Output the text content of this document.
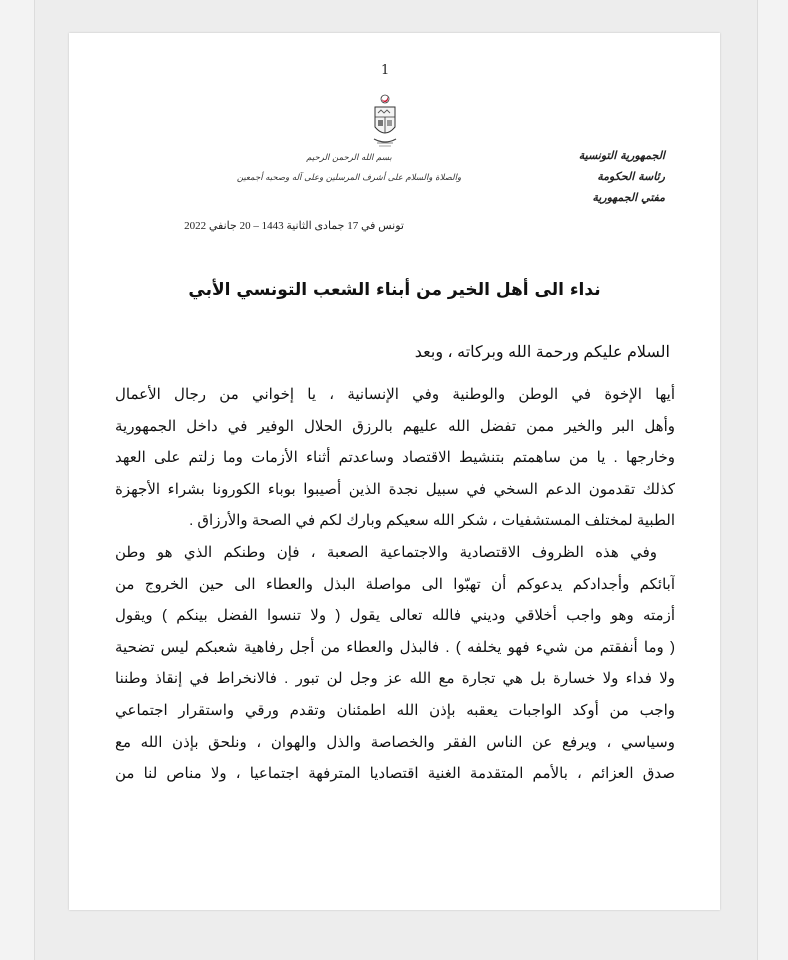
1
الجمهورية التونسية
رئاسة الحكومة
مفتي الجمهورية
بسم الله الرحمن الرحيم
والصلاة والسلام على أشرف المرسلين وعلى آله وصحبه أجمعين
تونس في 17 جمادى الثانية 1443 – 20 جانفي 2022
نداء الى أهل الخير من أبناء الشعب التونسي الأبي
السلام عليكم ورحمة الله وبركاته ، وبعد
أيها الإخوة في الوطن والوطنية وفي الإنسانية ، يا إخواني من رجال الأعمال
وأهل البر والخير ممن تفضل الله عليهم بالرزق الحلال الوفير في داخل الجمهورية
وخارجها . يا من ساهمتم بتنشيط الاقتصاد وساعدتم أثناء الأزمات وما زلتم على العهد
كذلك تقدمون الدعم السخي في سبيل نجدة الذين أصيبوا بوباء الكورونا بشراء الأجهزة
الطبية لمختلف المستشفيات ، شكر الله سعيكم وبارك لكم في الصحة والأرزاق .
وفي هذه الظروف الاقتصادية والاجتماعية الصعبة ، فإن وطنكم الذي هو وطن
آبائكم وأجدادكم يدعوكم أن تهبّوا الى مواصلة البذل والعطاء الى حين الخروج من
أزمته وهو واجب أخلاقي وديني فالله تعالى يقول ( ولا تنسوا الفضل بينكم ) ويقول
( وما أنفقتم من شيء فهو يخلفه ) . فالبذل والعطاء من أجل رفاهية شعبكم ليس تضحية
ولا فداء ولا خسارة بل هي تجارة مع الله عز وجل لن تبور . فالانخراط في إنقاذ وطننا
واجب من أوكد الواجبات يعقبه بإذن الله اطمئنان وتقدم ورقي واستقرار اجتماعي
وسياسي ، ويرفع عن الناس الفقر والخصاصة والذل والهوان ، ونلحق بإذن الله مع
صدق العزائم ، بالأمم المتقدمة الغنية اقتصاديا المترفهة اجتماعيا ، ولا مناص لنا من
